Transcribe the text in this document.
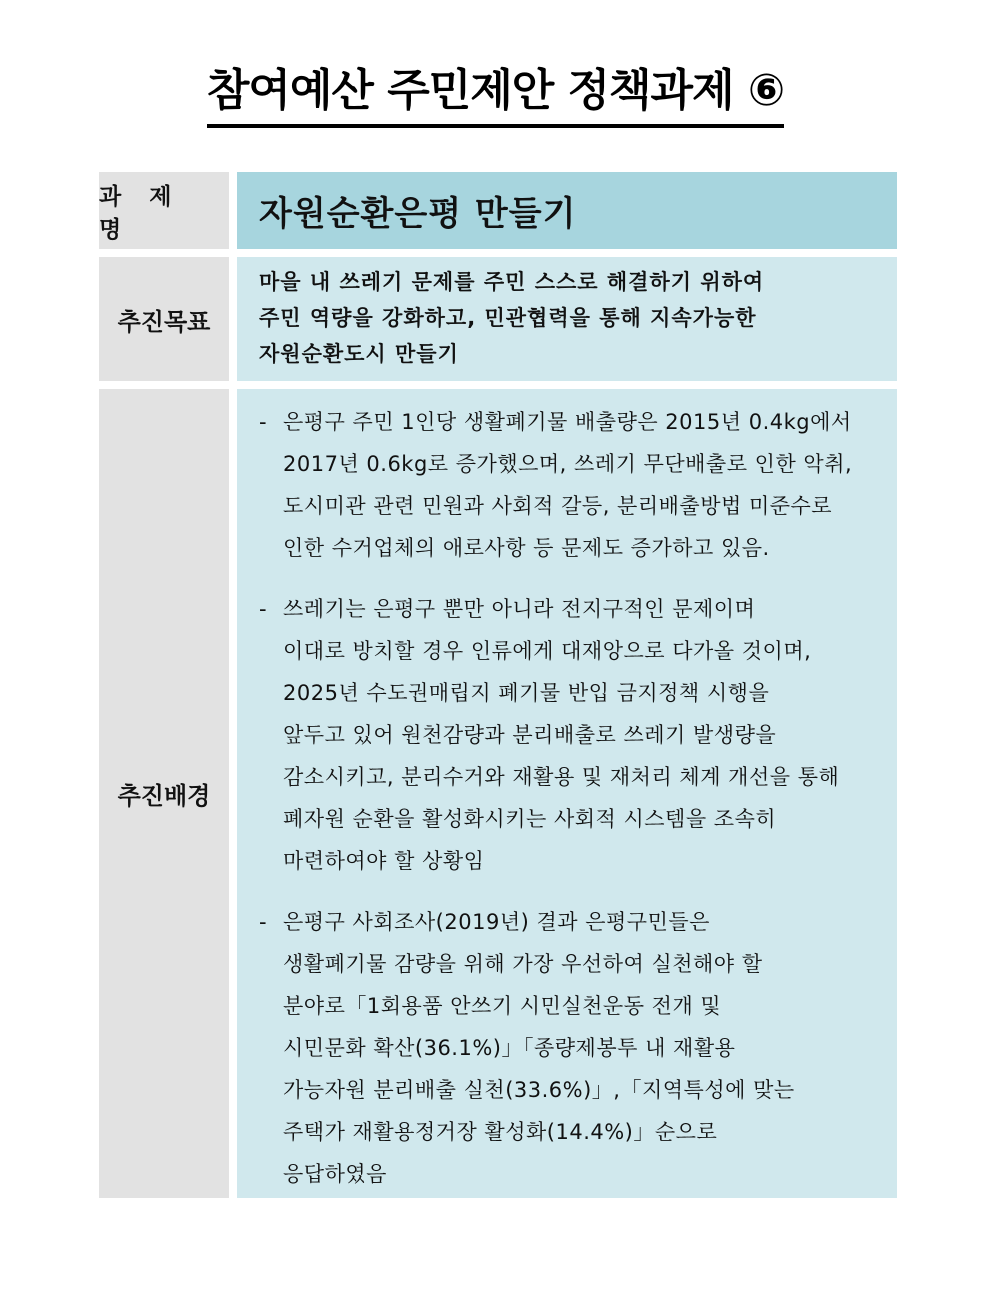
참여예산 주민제안 정책과제 ⑥
과 제 명	자원순환은평 만들기
추진목표
마을 내 쓰레기 문제를 주민 스스로 해결하기 위하여
주민 역량을 강화하고, 민관협력을 통해 지속가능한
자원순환도시 만들기
추진배경
- 은평구 주민 1인당 생활폐기물 배출량은 2015년 0.4kg에서
2017년 0.6kg로 증가했으며, 쓰레기 무단배출로 인한 악취,
도시미관 관련 민원과 사회적 갈등, 분리배출방법 미준수로
인한 수거업체의 애로사항 등 문제도 증가하고 있음.
- 쓰레기는 은평구 뿐만 아니라 전지구적인 문제이며
이대로 방치할 경우 인류에게 대재앙으로 다가올 것이며,
2025년 수도권매립지 폐기물 반입 금지정책 시행을
앞두고 있어 원천감량과 분리배출로 쓰레기 발생량을
감소시키고, 분리수거와 재활용 및 재처리 체계 개선을 통해
폐자원 순환을 활성화시키는 사회적 시스템을 조속히
마련하여야 할 상황임
- 은평구 사회조사(2019년) 결과 은평구민들은
생활폐기물 감량을 위해 가장 우선하여 실천해야 할
분야로「1회용품 안쓰기 시민실천운동 전개 및
시민문화 확산(36.1%)」「종량제봉투 내 재활용
가능자원 분리배출 실천(33.6%)」,「지역특성에 맞는
주택가 재활용정거장 활성화(14.4%)」순으로
응답하였음
